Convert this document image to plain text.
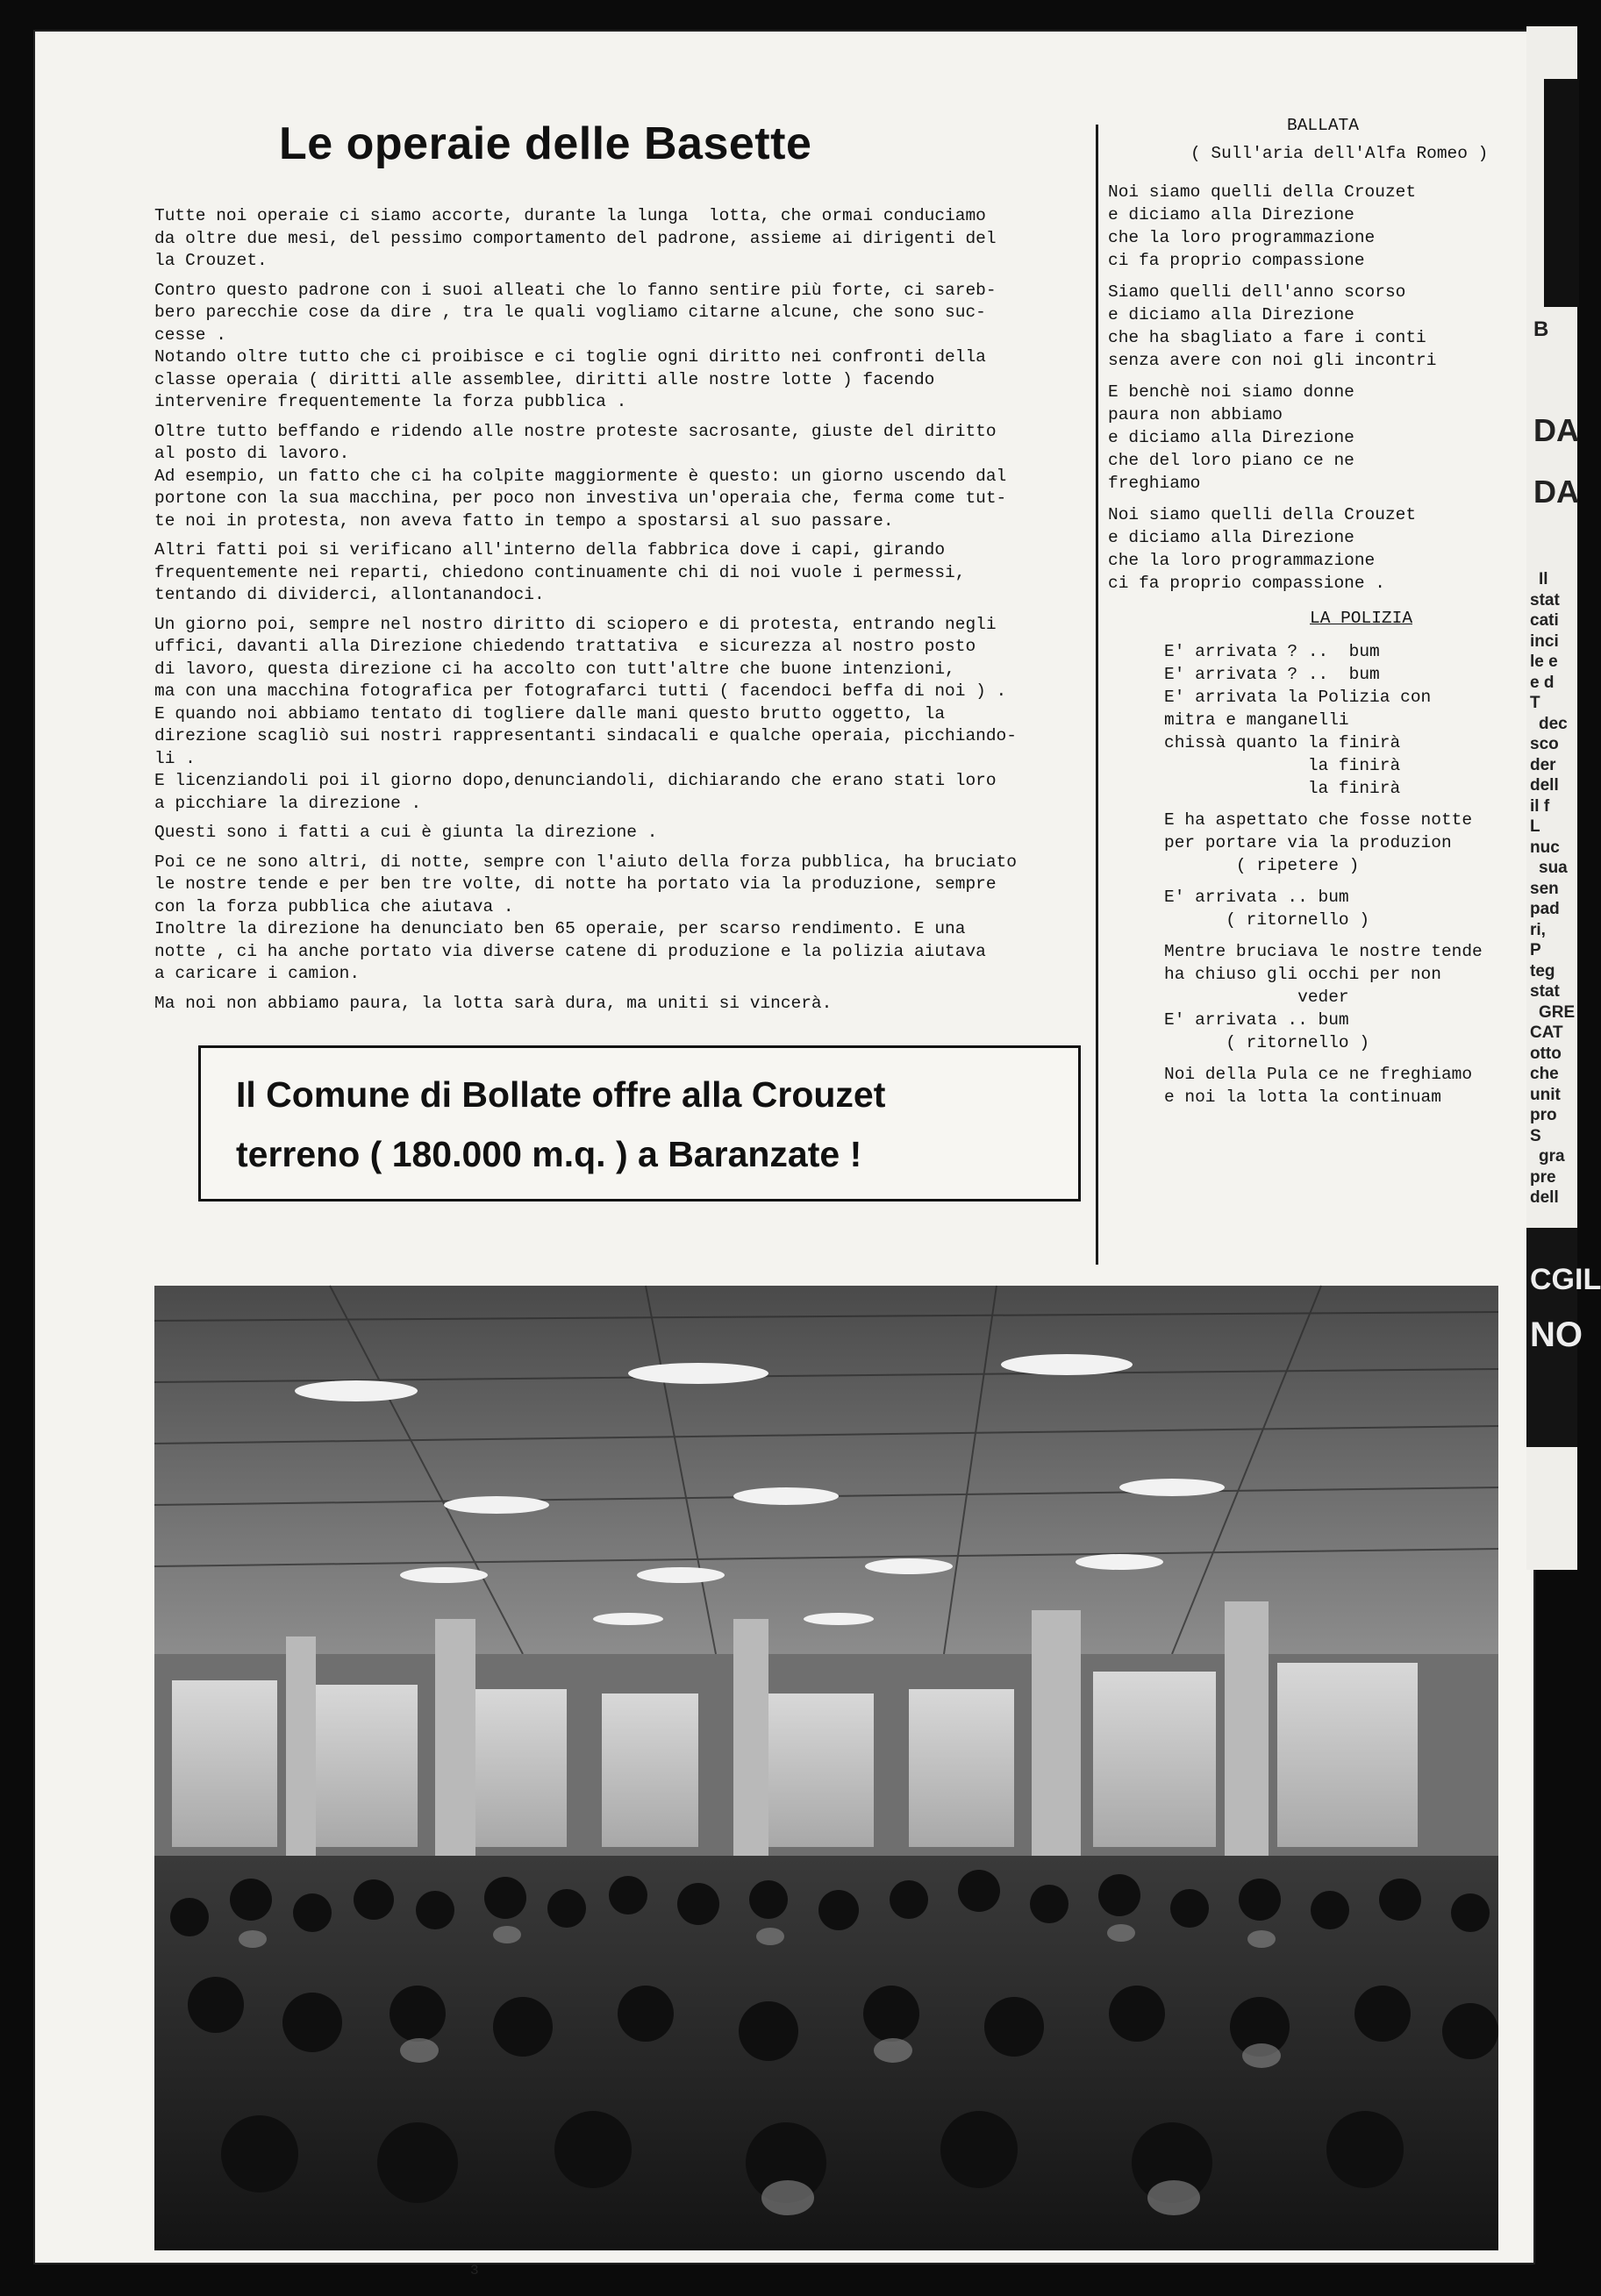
Le operaie delle Basette

Tutte noi operaie ci siamo accorte, durante la lunga  lotta, che ormai conduciamo
da oltre due mesi, del pessimo comportamento del padrone, assieme ai dirigenti del
la Crouzet.

Contro questo padrone con i suoi alleati che lo fanno sentire più forte, ci sareb-
bero parecchie cose da dire , tra le quali vogliamo citarne alcune, che sono suc-
cesse .
Notando oltre tutto che ci proibisce e ci toglie ogni diritto nei confronti della
classe operaia ( diritti alle assemblee, diritti alle nostre lotte ) facendo
intervenire frequentemente la forza pubblica .

Oltre tutto beffando e ridendo alle nostre proteste sacrosante, giuste del diritto
al posto di lavoro.
Ad esempio, un fatto che ci ha colpite maggiormente è questo: un giorno uscendo dal
portone con la sua macchina, per poco non investiva un'operaia che, ferma come tut-
te noi in protesta, non aveva fatto in tempo a spostarsi al suo passare.

Altri fatti poi si verificano all'interno della fabbrica dove i capi, girando
frequentemente nei reparti, chiedono continuamente chi di noi vuole i permessi,
tentando di dividerci, allontanandoci.

Un giorno poi, sempre nel nostro diritto di sciopero e di protesta, entrando negli
uffici, davanti alla Direzione chiedendo trattativa  e sicurezza al nostro posto
di lavoro, questa direzione ci ha accolto con tutt'altre che buone intenzioni,
ma con una macchina fotografica per fotografarci tutti ( facendoci beffa di noi ) .
E quando noi abbiamo tentato di togliere dalle mani questo brutto oggetto, la
direzione scagliò sui nostri rappresentanti sindacali e qualche operaia, picchiando-
li .
E licenziandoli poi il giorno dopo,denunciandoli, dichiarando che erano stati loro
a picchiare la direzione .

Questi sono i fatti a cui è giunta la direzione .

Poi ce ne sono altri, di notte, sempre con l'aiuto della forza pubblica, ha bruciato
le nostre tende e per ben tre volte, di notte ha portato via la produzione, sempre
con la forza pubblica che aiutava .
Inoltre la direzione ha denunciato ben 65 operaie, per scarso rendimento. E una
notte , ci ha anche portato via diverse catene di produzione e la polizia aiutava
a caricare i camion.

Ma noi non abbiamo paura, la lotta sarà dura, ma uniti si vincerà.

BALLATA
( Sull'aria dell'Alfa Romeo )
Noi siamo quelli della Crouzet
e diciamo alla Direzione
che la loro programmazione
ci fa proprio compassione
Siamo quelli dell'anno scorso
e diciamo alla Direzione
che ha sbagliato a fare i conti
senza avere con noi gli incontri
E benchè noi siamo donne
paura non abbiamo
e diciamo alla Direzione
che del loro piano ce ne
freghiamo
Noi siamo quelli della Crouzet
e diciamo alla Direzione
che la loro programmazione
ci fa proprio compassione .
LA POLIZIA
E' arrivata ? ..  bum
E' arrivata ? ..  bum
E' arrivata la Polizia con
mitra e manganelli
chissà quanto la finirà
la finirà
la finirà
E ha aspettato che fosse notte
per portare via la produzion
( ripetere )
E' arrivata .. bum
( ritornello )
Mentre bruciava le nostre tende
ha chiuso gli occhi per non
veder
E' arrivata .. bum
( ritornello )
Noi della Pula ce ne freghiamo
e noi la lotta la continuam
Il Comune di Bollate offre alla Crouzet
terreno ( 180.000 m.q. ) a Baranzate !
3
B
DA
DA
Il
stat
cati
inci
le e
e d
T
dec
sco
der
dell
il f
L
nuc
sua
sen
pad
ri,
P
teg
stat
GRE
CAT
otto
che
unit
pro
S
gra
pre
dell
CGIL
NO
